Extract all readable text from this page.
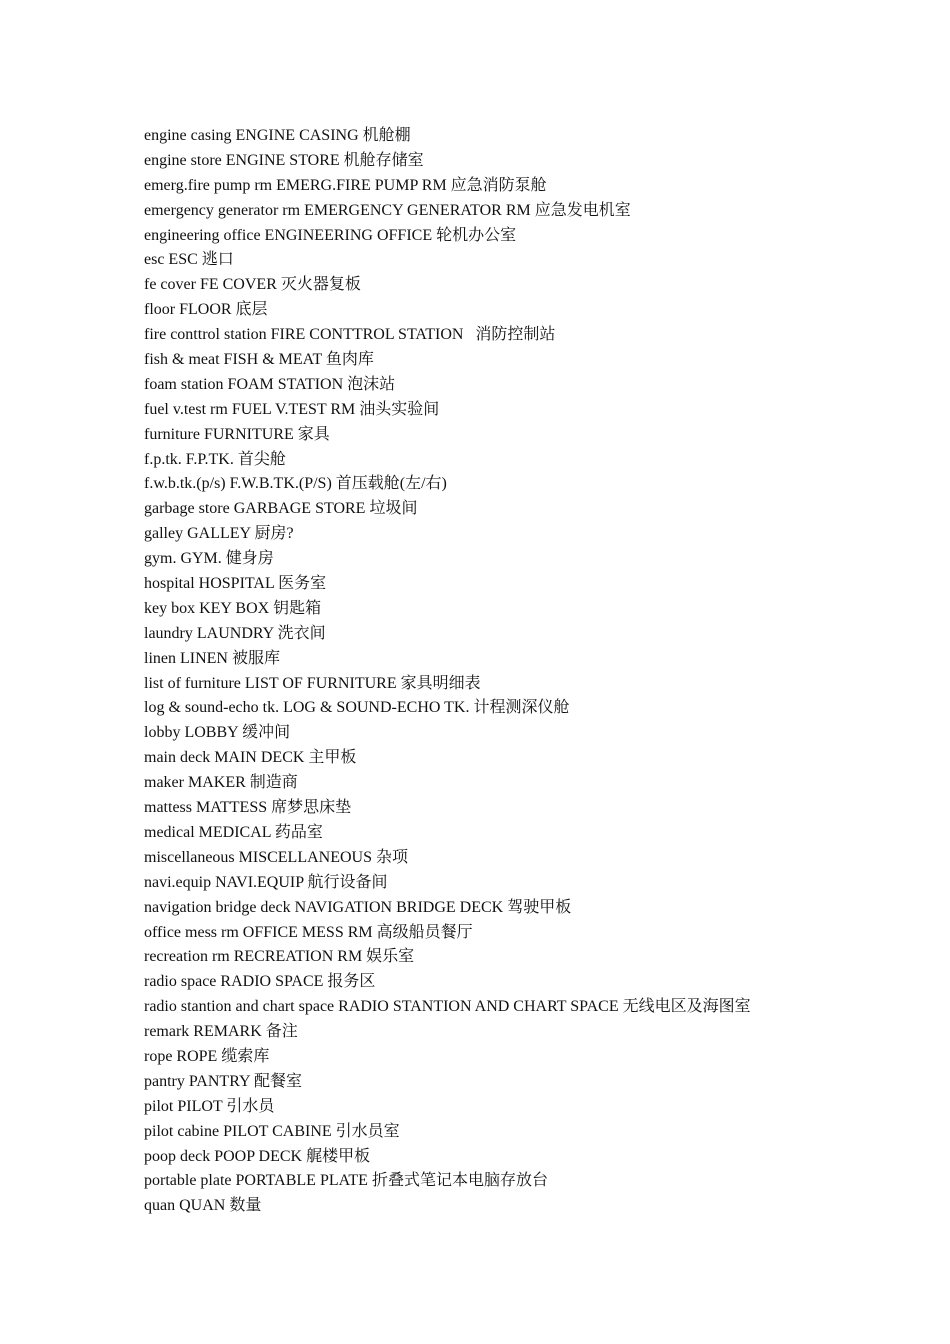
engine casing ENGINE CASING 机舱棚
engine store ENGINE STORE 机舱存储室
emerg.fire pump rm EMERG.FIRE PUMP RM 应急消防泵舱
emergency generator rm EMERGENCY GENERATOR RM 应急发电机室
engineering office ENGINEERING OFFICE 轮机办公室
esc ESC 逃口
fe cover FE COVER 灭火器复板
floor FLOOR 底层
fire conttrol station FIRE CONTTROL STATION   消防控制站
fish & meat FISH & MEAT 鱼肉库
foam station FOAM STATION 泡沫站
fuel v.test rm FUEL V.TEST RM 油头实验间
furniture FURNITURE 家具
f.p.tk. F.P.TK. 首尖舱
f.w.b.tk.(p/s) F.W.B.TK.(P/S) 首压载舱(左/右)
garbage store GARBAGE STORE 垃圾间
galley GALLEY 厨房?
gym. GYM. 健身房
hospital HOSPITAL 医务室
key box KEY BOX 钥匙箱
laundry LAUNDRY 洗衣间
linen LINEN 被服库
list of furniture LIST OF FURNITURE 家具明细表
log & sound-echo tk. LOG & SOUND-ECHO TK. 计程测深仪舱
lobby LOBBY 缓冲间
main deck MAIN DECK 主甲板
maker MAKER 制造商
mattess MATTESS 席梦思床垫
medical MEDICAL 药品室
miscellaneous MISCELLANEOUS 杂项
navi.equip NAVI.EQUIP 航行设备间
navigation bridge deck NAVIGATION BRIDGE DECK 驾驶甲板
office mess rm OFFICE MESS RM 高级船员餐厅
recreation rm RECREATION RM 娱乐室
radio space RADIO SPACE 报务区
radio stantion and chart space RADIO STANTION AND CHART SPACE 无线电区及海图室
remark REMARK 备注
rope ROPE 缆索库
pantry PANTRY 配餐室
pilot PILOT 引水员
pilot cabine PILOT CABINE 引水员室
poop deck POOP DECK 艉楼甲板
portable plate PORTABLE PLATE 折叠式笔记本电脑存放台
quan QUAN 数量
